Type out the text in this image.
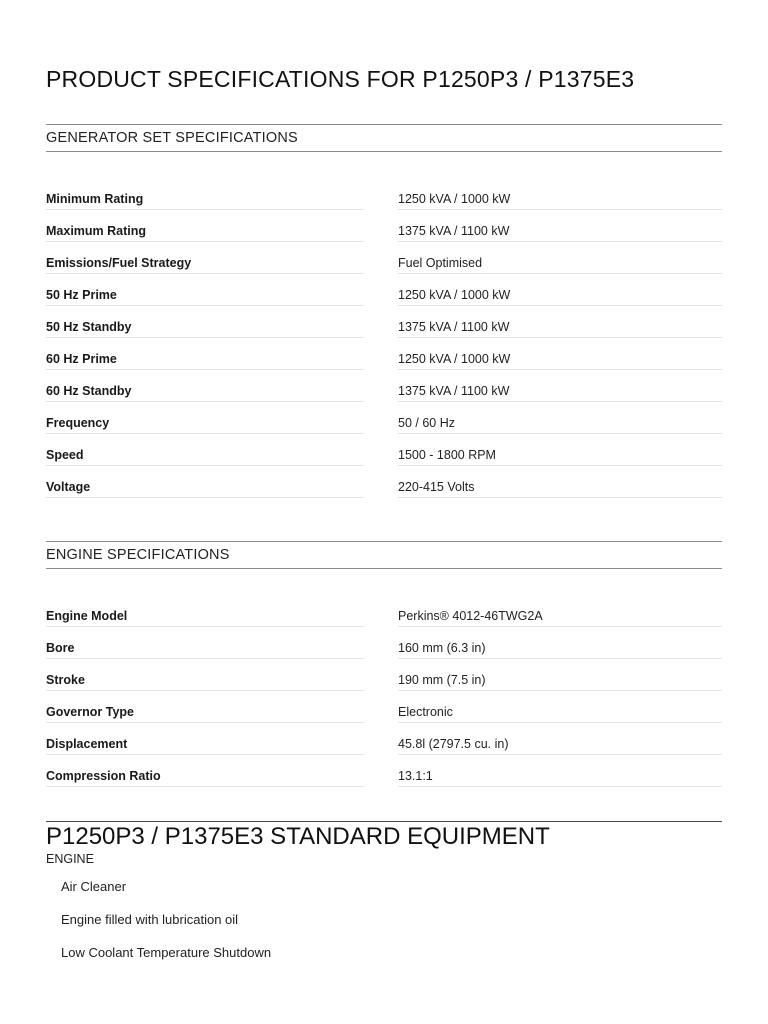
PRODUCT SPECIFICATIONS FOR P1250P3 / P1375E3
GENERATOR SET SPECIFICATIONS
Minimum Rating	1250 kVA / 1000 kW
Maximum Rating	1375 kVA / 1100 kW
Emissions/Fuel Strategy	Fuel Optimised
50 Hz Prime	1250 kVA / 1000 kW
50 Hz Standby	1375 kVA / 1100 kW
60 Hz Prime	1250 kVA / 1000 kW
60 Hz Standby	1375 kVA / 1100 kW
Frequency	50 / 60 Hz
Speed	1500 - 1800 RPM
Voltage	220-415 Volts
ENGINE SPECIFICATIONS
Engine Model	Perkins® 4012-46TWG2A
Bore	160 mm (6.3 in)
Stroke	190 mm (7.5 in)
Governor Type	Electronic
Displacement	45.8l (2797.5 cu. in)
Compression Ratio	13.1:1
P1250P3 / P1375E3 STANDARD EQUIPMENT
ENGINE
Air Cleaner
Engine filled with lubrication oil
Low Coolant Temperature Shutdown
